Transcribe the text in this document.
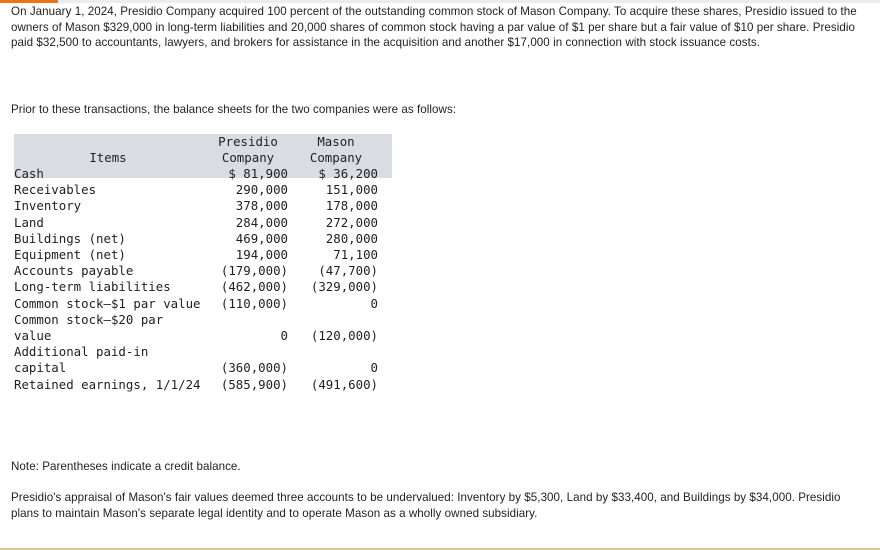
On January 1, 2024, Presidio Company acquired 100 percent of the outstanding common stock of Mason Company. To acquire these shares, Presidio issued to the owners of Mason $329,000 in long-term liabilities and 20,000 shares of common stock having a par value of $1 per share but a fair value of $10 per share. Presidio paid $32,500 to accountants, lawyers, and brokers for assistance in the acquisition and another $17,000 in connection with stock issuance costs.

Prior to these transactions, the balance sheets for the two companies were as follows:

Items	Presidio Company	Mason Company
Cash	$ 81,900	$ 36,200
Receivables	290,000	151,000
Inventory	378,000	178,000
Land	284,000	272,000
Buildings (net)	469,000	280,000
Equipment (net)	194,000	71,100
Accounts payable	(179,000)	(47,700)
Long-term liabilities	(462,000)	(329,000)
Common stock—$1 par value	(110,000)	0
Common stock—$20 par value	0	(120,000)
Additional paid-in capital	(360,000)	0
Retained earnings, 1/1/24	(585,900)	(491,600)

Note: Parentheses indicate a credit balance.

Presidio's appraisal of Mason's fair values deemed three accounts to be undervalued: Inventory by $5,300, Land by $33,400, and Buildings by $34,000. Presidio plans to maintain Mason's separate legal identity and to operate Mason as a wholly owned subsidiary.
